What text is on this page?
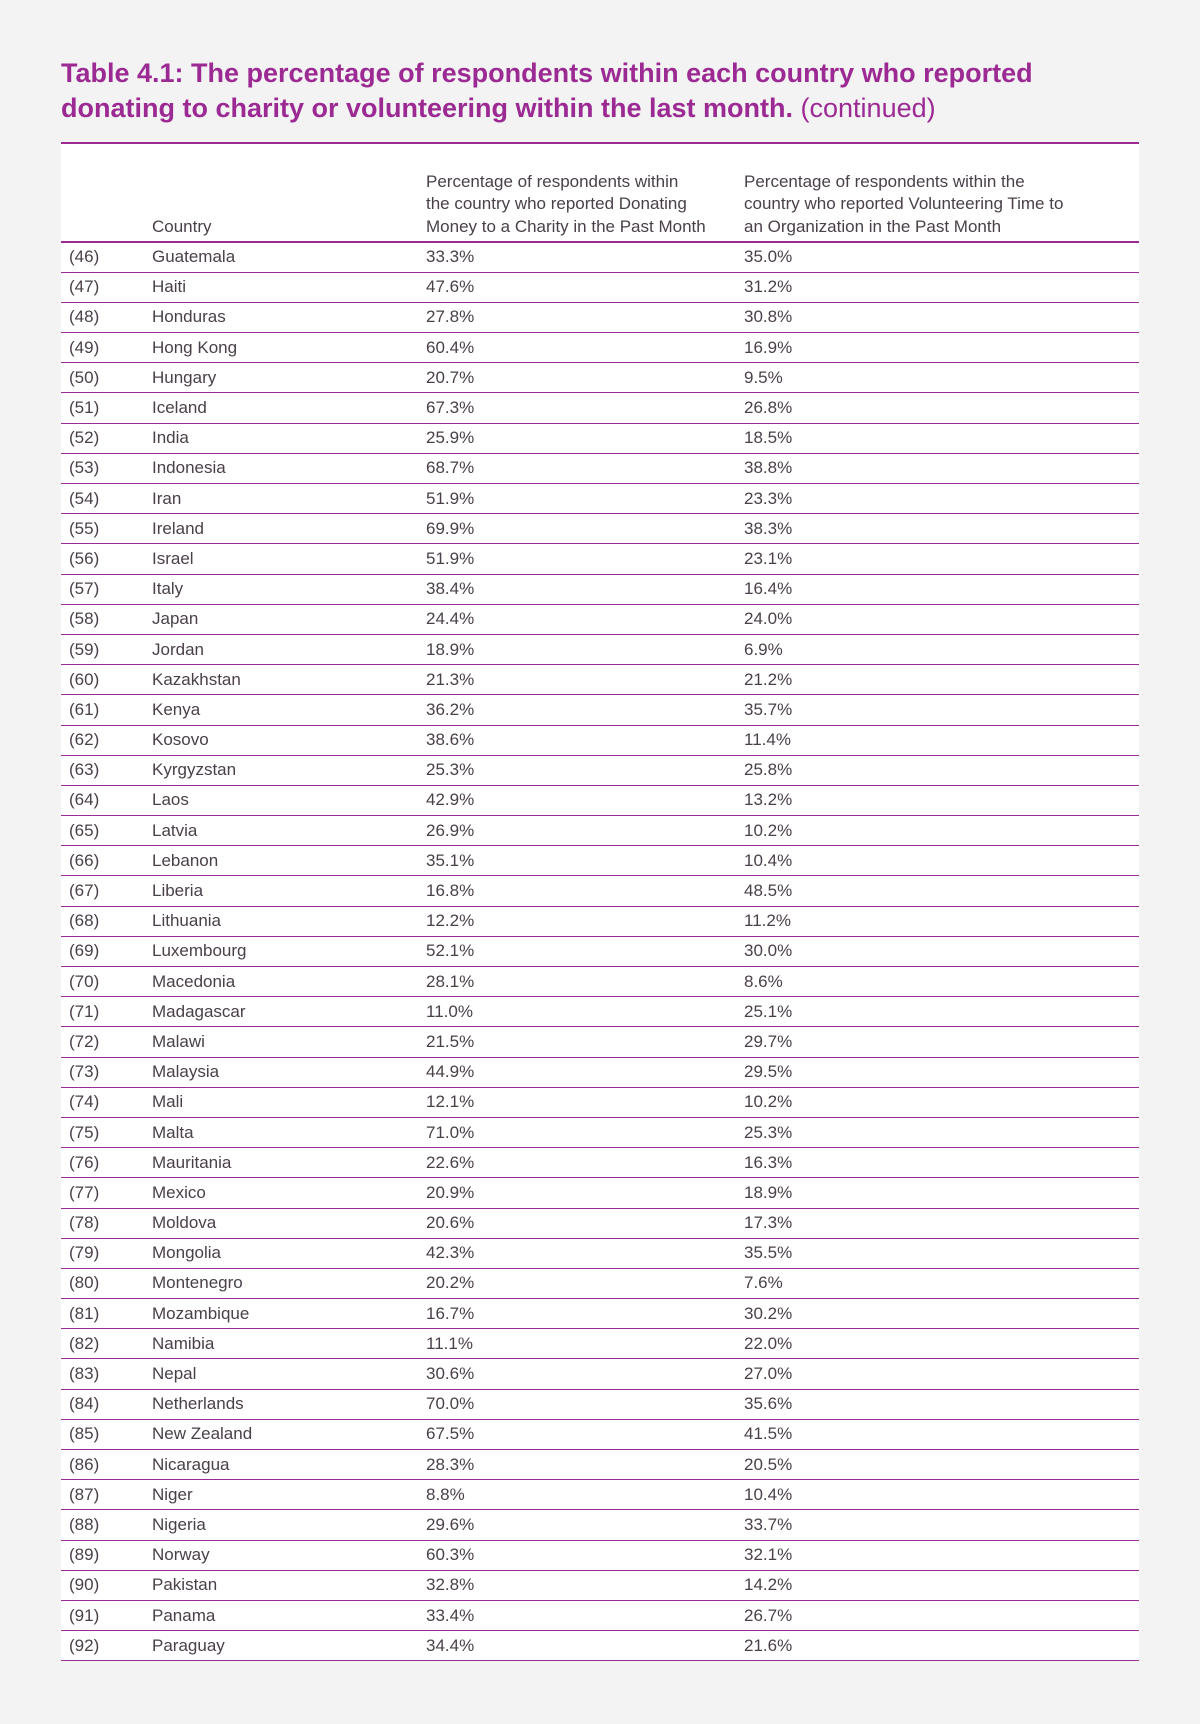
Table 4.1: The percentage of respondents within each country who reported donating to charity or volunteering within the last month. (continued)
	Country	Percentage of respondents within the country who reported Donating Money to a Charity in the Past Month	Percentage of respondents within the country who reported Volunteering Time to an Organization in the Past Month

(46)	Guatemala	33.3%	35.0%
(47)	Haiti	47.6%	31.2%
(48)	Honduras	27.8%	30.8%
(49)	Hong Kong	60.4%	16.9%
(50)	Hungary	20.7%	9.5%
(51)	Iceland	67.3%	26.8%
(52)	India	25.9%	18.5%
(53)	Indonesia	68.7%	38.8%
(54)	Iran	51.9%	23.3%
(55)	Ireland	69.9%	38.3%
(56)	Israel	51.9%	23.1%
(57)	Italy	38.4%	16.4%
(58)	Japan	24.4%	24.0%
(59)	Jordan	18.9%	6.9%
(60)	Kazakhstan	21.3%	21.2%
(61)	Kenya	36.2%	35.7%
(62)	Kosovo	38.6%	11.4%
(63)	Kyrgyzstan	25.3%	25.8%
(64)	Laos	42.9%	13.2%
(65)	Latvia	26.9%	10.2%
(66)	Lebanon	35.1%	10.4%
(67)	Liberia	16.8%	48.5%
(68)	Lithuania	12.2%	11.2%
(69)	Luxembourg	52.1%	30.0%
(70)	Macedonia	28.1%	8.6%
(71)	Madagascar	11.0%	25.1%
(72)	Malawi	21.5%	29.7%
(73)	Malaysia	44.9%	29.5%
(74)	Mali	12.1%	10.2%
(75)	Malta	71.0%	25.3%
(76)	Mauritania	22.6%	16.3%
(77)	Mexico	20.9%	18.9%
(78)	Moldova	20.6%	17.3%
(79)	Mongolia	42.3%	35.5%
(80)	Montenegro	20.2%	7.6%
(81)	Mozambique	16.7%	30.2%
(82)	Namibia	11.1%	22.0%
(83)	Nepal	30.6%	27.0%
(84)	Netherlands	70.0%	35.6%
(85)	New Zealand	67.5%	41.5%
(86)	Nicaragua	28.3%	20.5%
(87)	Niger	8.8%	10.4%
(88)	Nigeria	29.6%	33.7%
(89)	Norway	60.3%	32.1%
(90)	Pakistan	32.8%	14.2%
(91)	Panama	33.4%	26.7%
(92)	Paraguay	34.4%	21.6%
